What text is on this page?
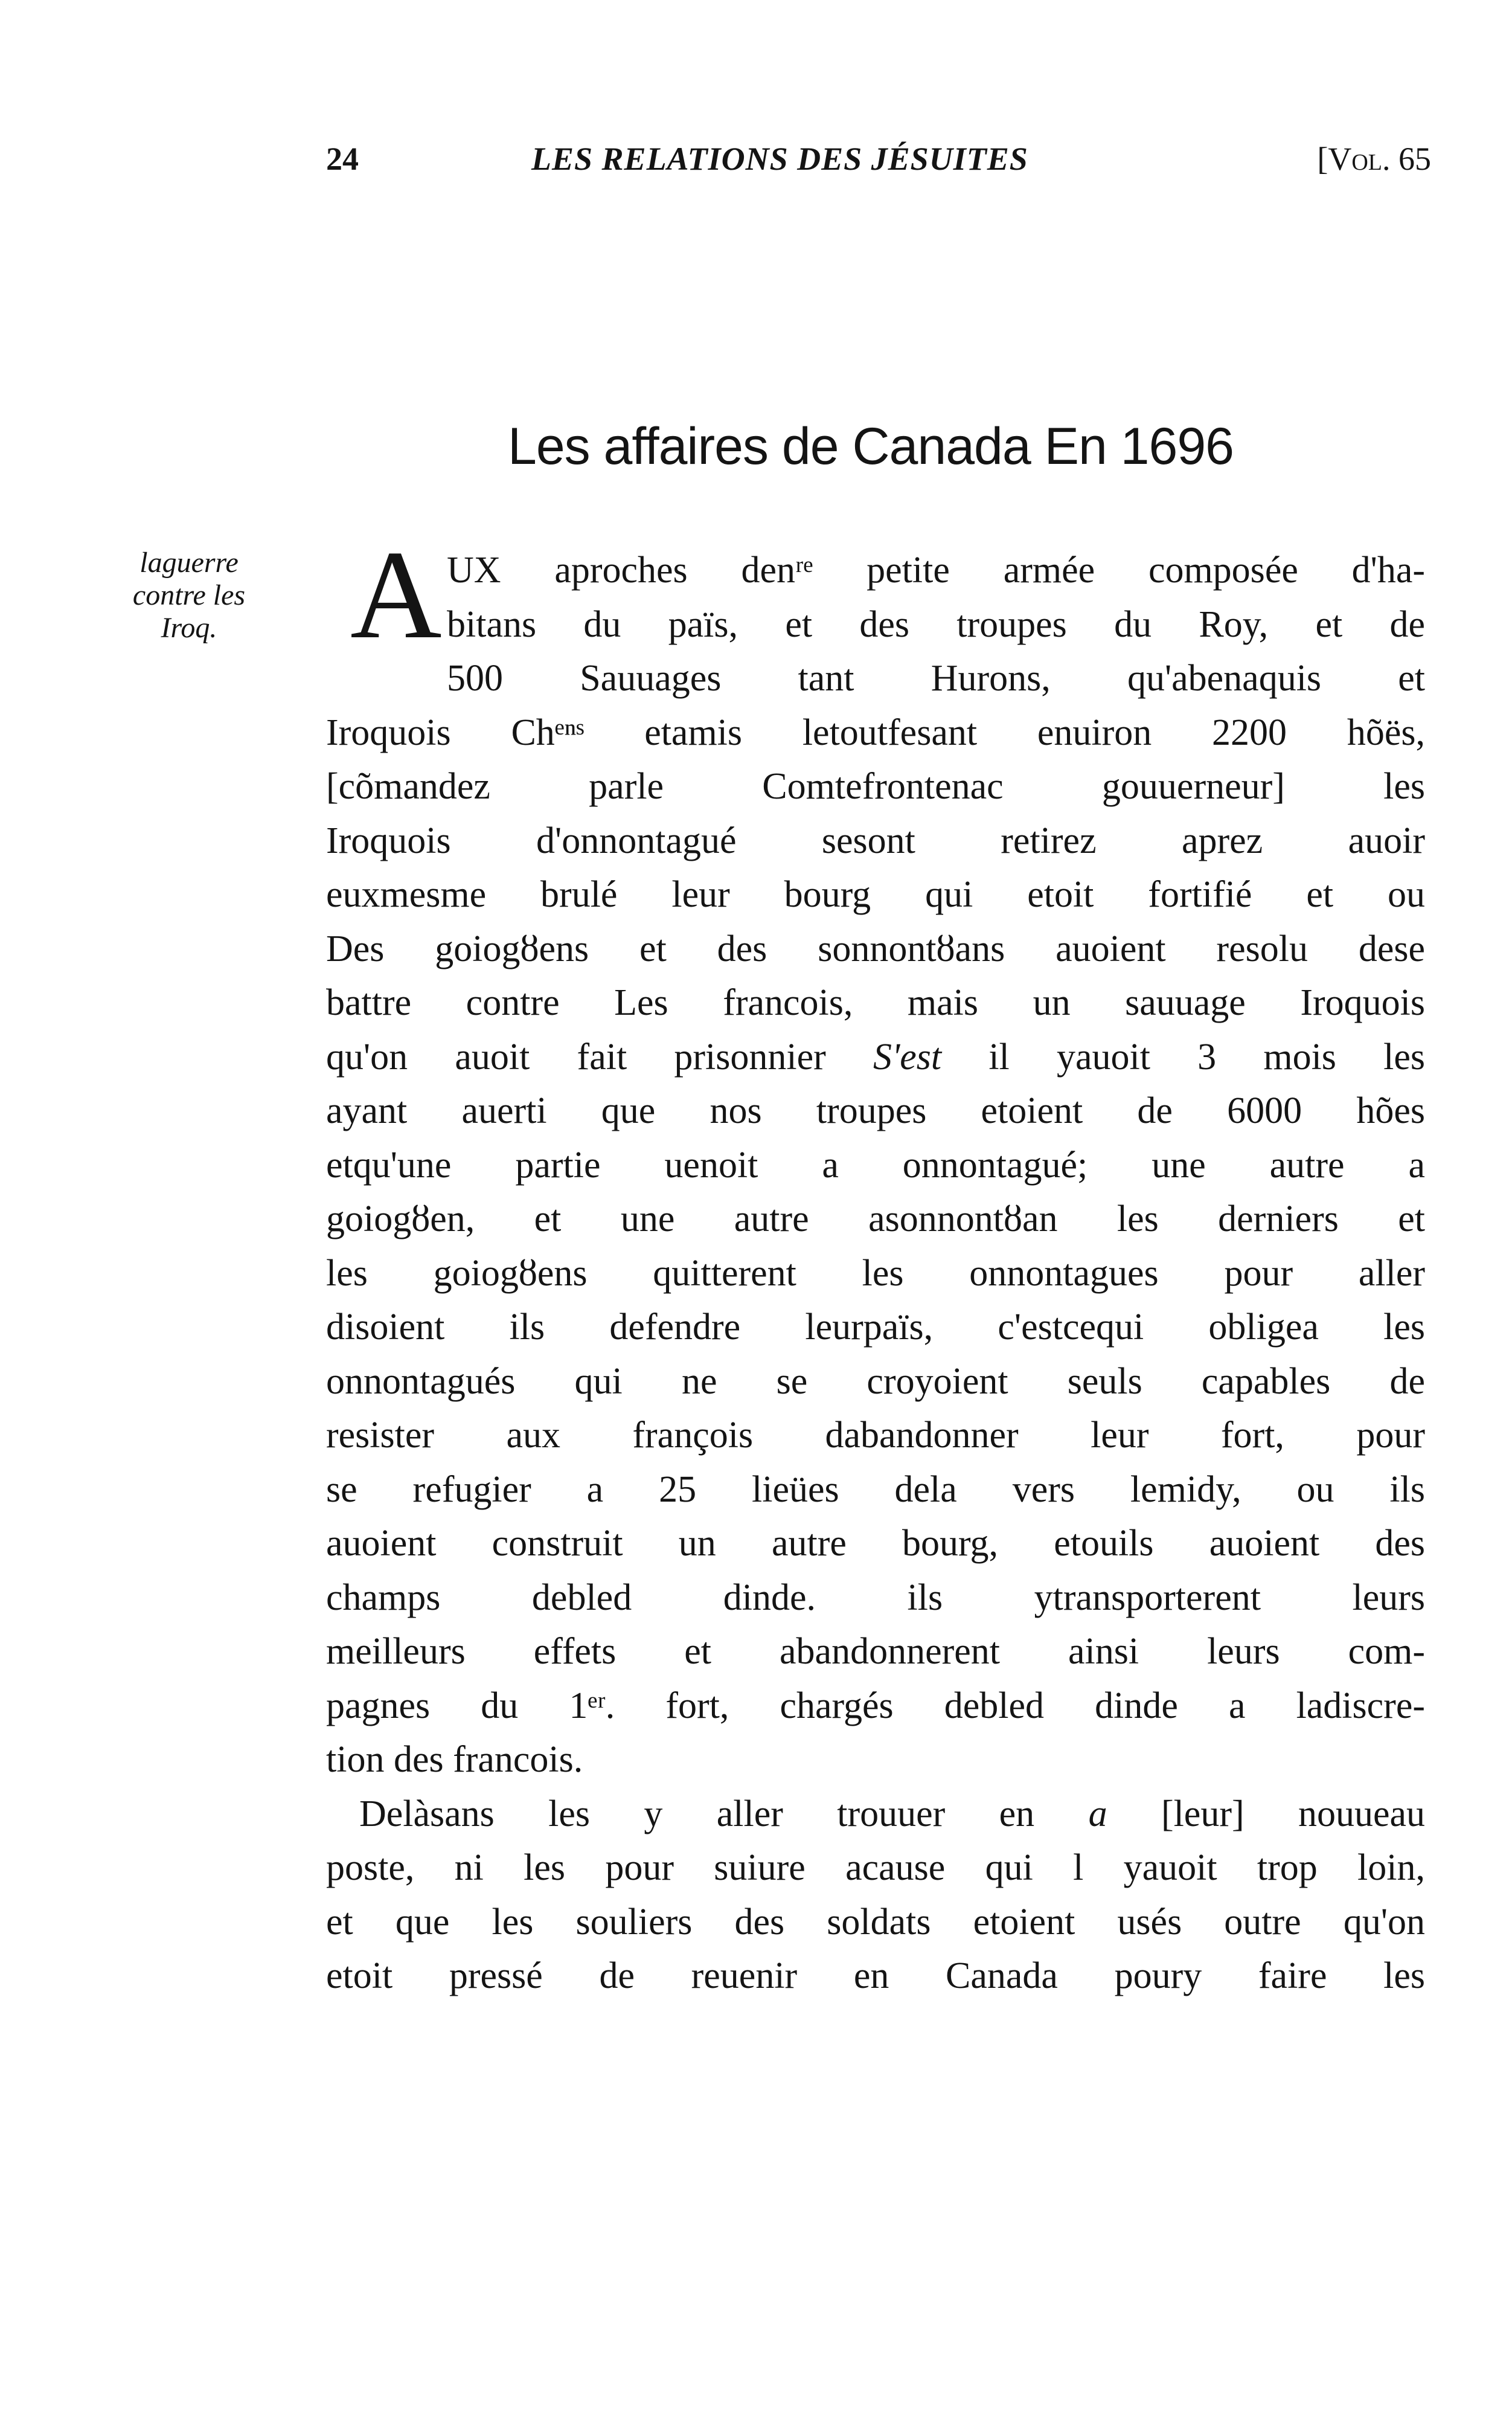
24	LES RELATIONS DES JÉSUITES	[Vol. 65
Les affaires de Canada En 1696
laguerre
contre les
Iroq.	A UX aproches denʳᵉ petite armée composée d'ha-
bitans du païs, et des troupes du Roy, et de
500 Sauuages tant Hurons, qu'abenaquis et
Iroquois Chᵉⁿˢ etamis letoutfesant enuiron 2200 hõës,
[cõmandez parle Comtefrontenac gouuerneur] les
Iroquois d'onnontagué sesont retirez aprez auoir
euxmesme brulé leur bourg qui etoit fortifié et ou
Des goiogȣens et des sonnontȣans auoient resolu dese
battre contre Les francois, mais un sauuage Iroquois
qu'on auoit fait prisonnier S'est il yauoit 3 mois les
ayant auerti que nos troupes etoient de 6000 hões
etqu'une partie uenoit a onnontagué; une autre a
goiogȣen, et une autre asonnontȣan les derniers et
les goiogȣens quitterent les onnontagues pour aller
disoient ils defendre leurpaïs, c'estcequi obligea les
onnontagués qui ne se croyoient seuls capables de
resister aux françois dabandonner leur fort, pour
se refugier a 25 lieües dela vers lemidy, ou ils
auoient construit un autre bourg, etouils auoient des
champs debled dinde. ils ytransporterent leurs
meilleurs effets et abandonnerent ainsi leurs com-
pagnes du 1ᵉʳ. fort, chargés debled dinde a ladiscre-
tion des francois.
Delàsans les y aller trouuer en a [leur] nouueau
poste, ni les pour suiure acause qui l yauoit trop loin,
et que les souliers des soldats etoient usés outre qu'on
etoit pressé de reuenir en Canada poury faire les
